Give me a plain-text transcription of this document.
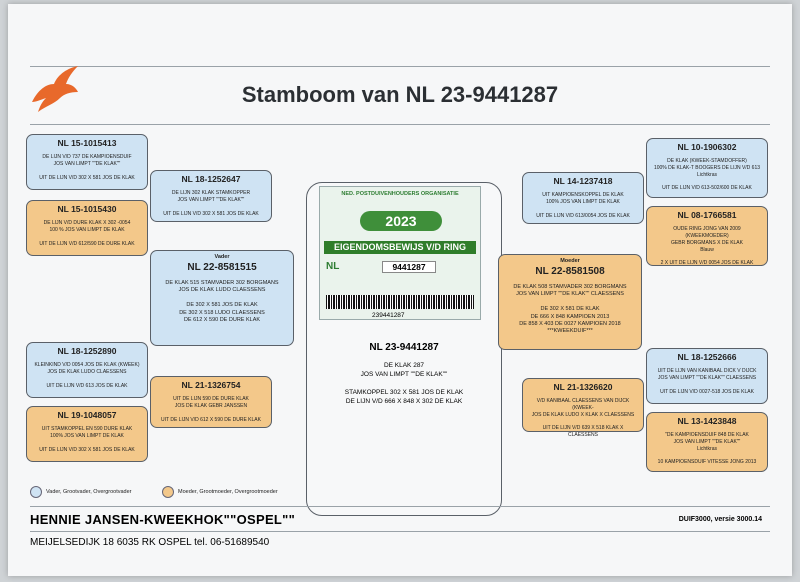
Stamboom van NL 23-9441287
NL 15-1015413
DE LIJN V/D 737 DE KAMPIOENSDUIF
JOS VAN LIMPT ""DE KLAK""

UIT DE LIJN V/D 302 X 581 JOS DE KLAK
NL 15-1015430
DE LIJN V/D DURE KLAK X 302 -0054
100 % JOS VAN LIMPT DE KLAK

UIT DE LIJN V/D 612/590 DE DURE KLAK
NL 18-1252890
KLEINKIND V/D 0054 JOS DE KLAK (KWEEK)
JOS DE KLAK LUDO CLAESSENS

UIT DE LIJN V/D 613 JOS DE KLAK
NL 19-1048057
UIT STAMKOPPEL EN 590 DURE KLAK
100% JOS VAN LIMPT DE KLAK

UIT DE LIJN V/D 302 X 581 JOS DE KLAK
NL 18-1252647
DE LIJN 302 KLAK STAMKOPPER
JOS VAN LIMPT ""DE KLAK""

UIT DE LIJN V/D 302 X 581 JOS DE KLAK
NL 21-1326754
UIT DE LIJN 590 DE DURE KLAK
JOS DE KLAK GEBR JANSSEN

UIT DE LIJN V/D 612 X 590 DE DURE KLAK
Vader
NL 22-8581515
DE KLAK 515 STAMVADER 302 BORGMANS
JOS DE KLAK LUDO CLAESSENS

DE 302 X 581 JOS DE KLAK
DE 302 X 518 LUDO CLAESSENS
DE 612 X 590 DE DURE KLAK
NED. POSTDUIVENHOUDERS ORGANISATIE
2023
EIGENDOMSBEWIJS V/D RING
NL	9441287
239441287
NL 23-9441287
DE KLAK 287
JOS VAN LIMPT ""DE KLAK""

STAMKOPPEL 302 X 581 JOS DE KLAK
DE LIJN V/D 666 X 848 X 302 DE KLAK
Moeder
NL 22-8581508
DE KLAK 508 STAMVADER 302 BORGMANS
JOS VAN LIMPT ""DE KLAK"" CLAESSENS

DE 302 X 581 DE KLAK
DE 666 X 848 KAMPIOEN 2013
DE 858 X 403 DE 0027 KAMPIOEN 2018
***KWEEKDUIF***
NL 14-1237418
UIT KAMPIOENSKOPPEL DE KLAK
100% JOS VAN LIMPT DE KLAK

UIT DE LIJN V/D 613/0054 JOS DE KLAK
NL 21-1326620
V/D KANIBAAL CLAESSENS VAN DIJCK (KWEEK-
JOS DE KLAK LUDO X KLAK X CLAESSENS

UIT DE LIJN V/D 639 X 518 KLAK X CLAESSENS
NL 10-1906302
DE KLAK (KWEEK-STAMDOFFER)
100% DE KLAK-T BOOGERS DE LIJN V/D 613
Lichtkras

UIT DE LIJN V/D 613-502/600 DE KLAK
NL 08-1766581
OUDE RING JONG VAN 2009 (KWEEKMOEDER)
GEBR BORGMANS X DE KLAK
Blauw

2 X UIT DE LIJN V/D 0054 JOS DE KLAK
NL 18-1252666
UIT DE LIJN VAN KANIBAAL DICK V DIJCK
JOS VAN LIMPT ""DE KLAK"" CLAESSENS

UIT DE LIJN V/D 0027-518 JOS DE KLAK
NL 13-1423848
"DE KAMPIOENSDUIF 848 DE KLAK
JOS VAN LIMPT ""DE KLAK""
Lichtkras

10 KAMPIOENSDUIF VITESSE JONG 2013
Vader, Grootvader, Overgrootvader	Moeder, Grootmoeder, Overgrootmoeder
HENNIE JANSEN-KWEEKHOK""OSPEL""	DUIF3000, versie 3000.14
MEIJELSEDIJK 18 6035 RK OSPEL tel. 06-51689540
